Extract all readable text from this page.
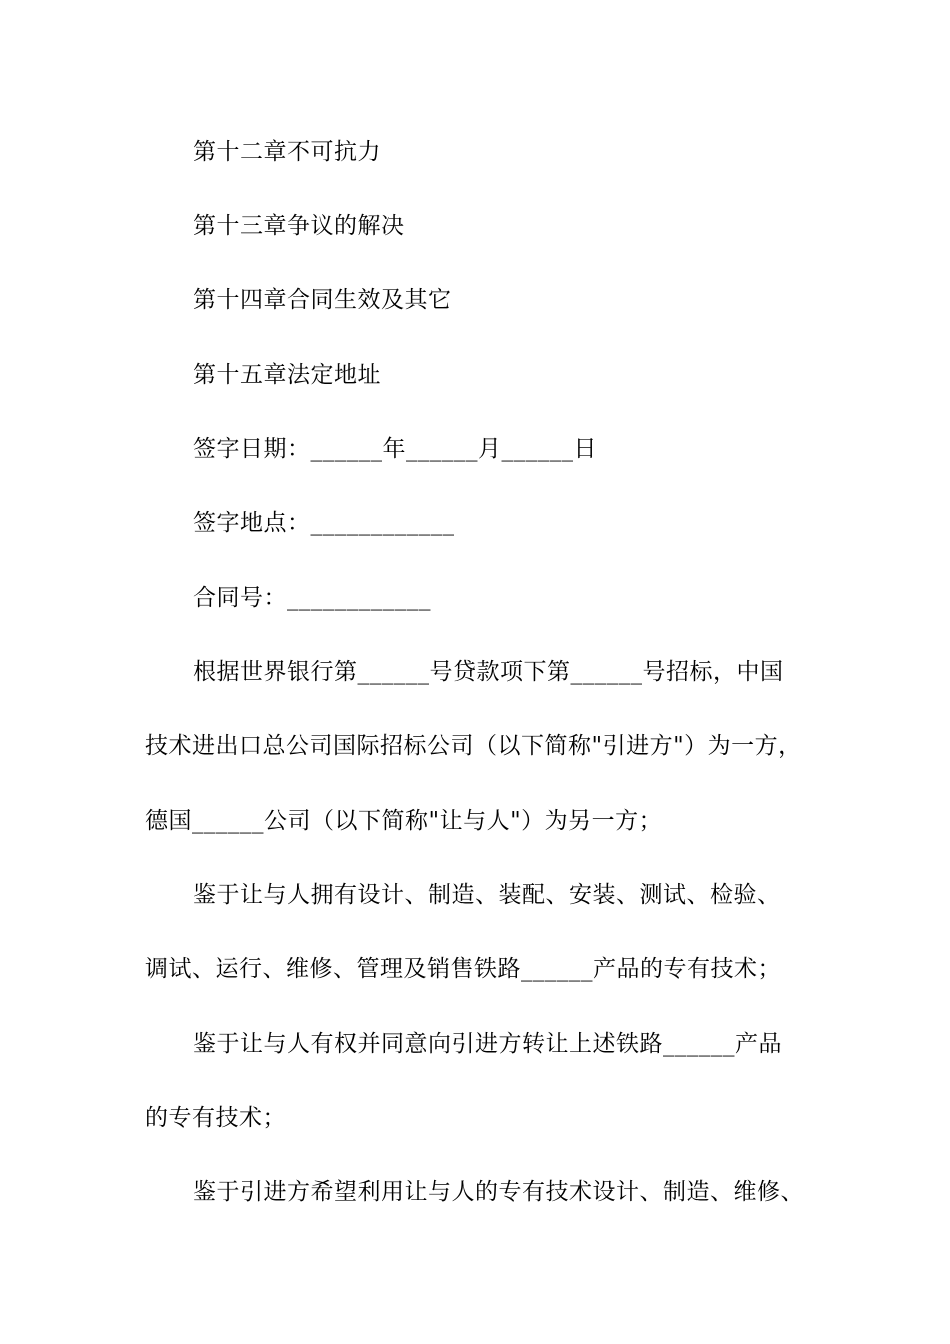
第十二章不可抗力
第十三章争议的解决
第十四章合同生效及其它
第十五章法定地址
签字日期：______年______月______日
签字地点：____________
合同号：____________
根据世界银行第______号贷款项下第______号招标，中国
技术进出口总公司国际招标公司（以下简称"引进方"）为一方，
德国______公司（以下简称"让与人"）为另一方；
鉴于让与人拥有设计、制造、装配、安装、测试、检验、
调试、运行、维修、管理及销售铁路______产品的专有技术；
鉴于让与人有权并同意向引进方转让上述铁路______产品
的专有技术；
鉴于引进方希望利用让与人的专有技术设计、制造、维修、
